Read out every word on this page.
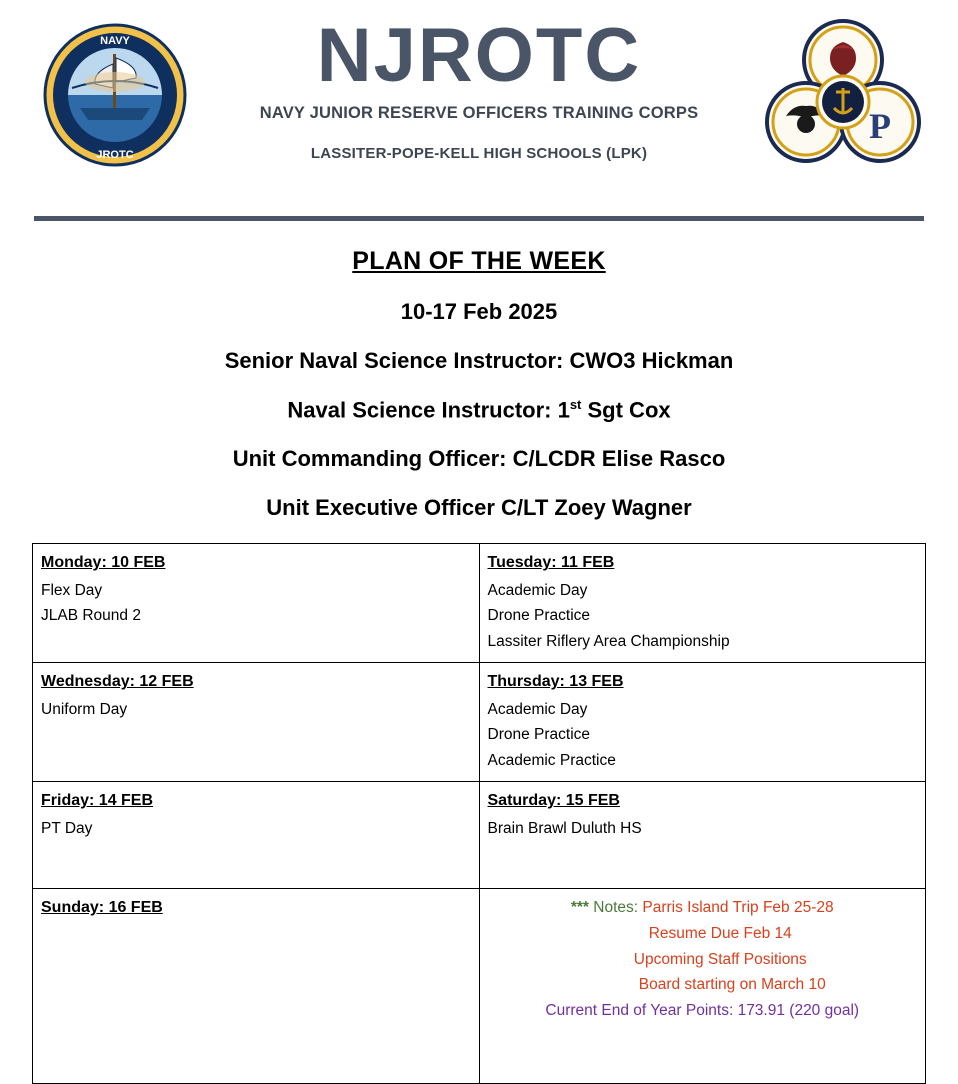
NAVY
JROTC
P
NJROTC
NAVY JUNIOR RESERVE OFFICERS TRAINING CORPS
LASSITER-POPE-KELL HIGH SCHOOLS (LPK)
PLAN OF THE WEEK
10-17 Feb 2025
Senior Naval Science Instructor: CWO3 Hickman
Naval Science Instructor: 1st Sgt Cox
Unit Commanding Officer: C/LCDR Elise Rasco
Unit Executive Officer C/LT Zoey Wagner
Monday: 10 FEB
Flex Day
JLAB Round 2	Tuesday: 11 FEB
Academic Day
Drone Practice
Lassiter Riflery Area Championship

Wednesday: 12 FEB
Uniform Day	Thursday: 13 FEB
Academic Day
Drone Practice
Academic Practice

Friday: 14 FEB
PT Day	Saturday: 15 FEB
Brain Brawl Duluth HS

Sunday: 16 FEB	*** Notes: Parris Island Trip Feb 25-28
Resume Due Feb 14
Upcoming Staff Positions
Board starting on March 10
Current End of Year Points: 173.91 (220 goal)
